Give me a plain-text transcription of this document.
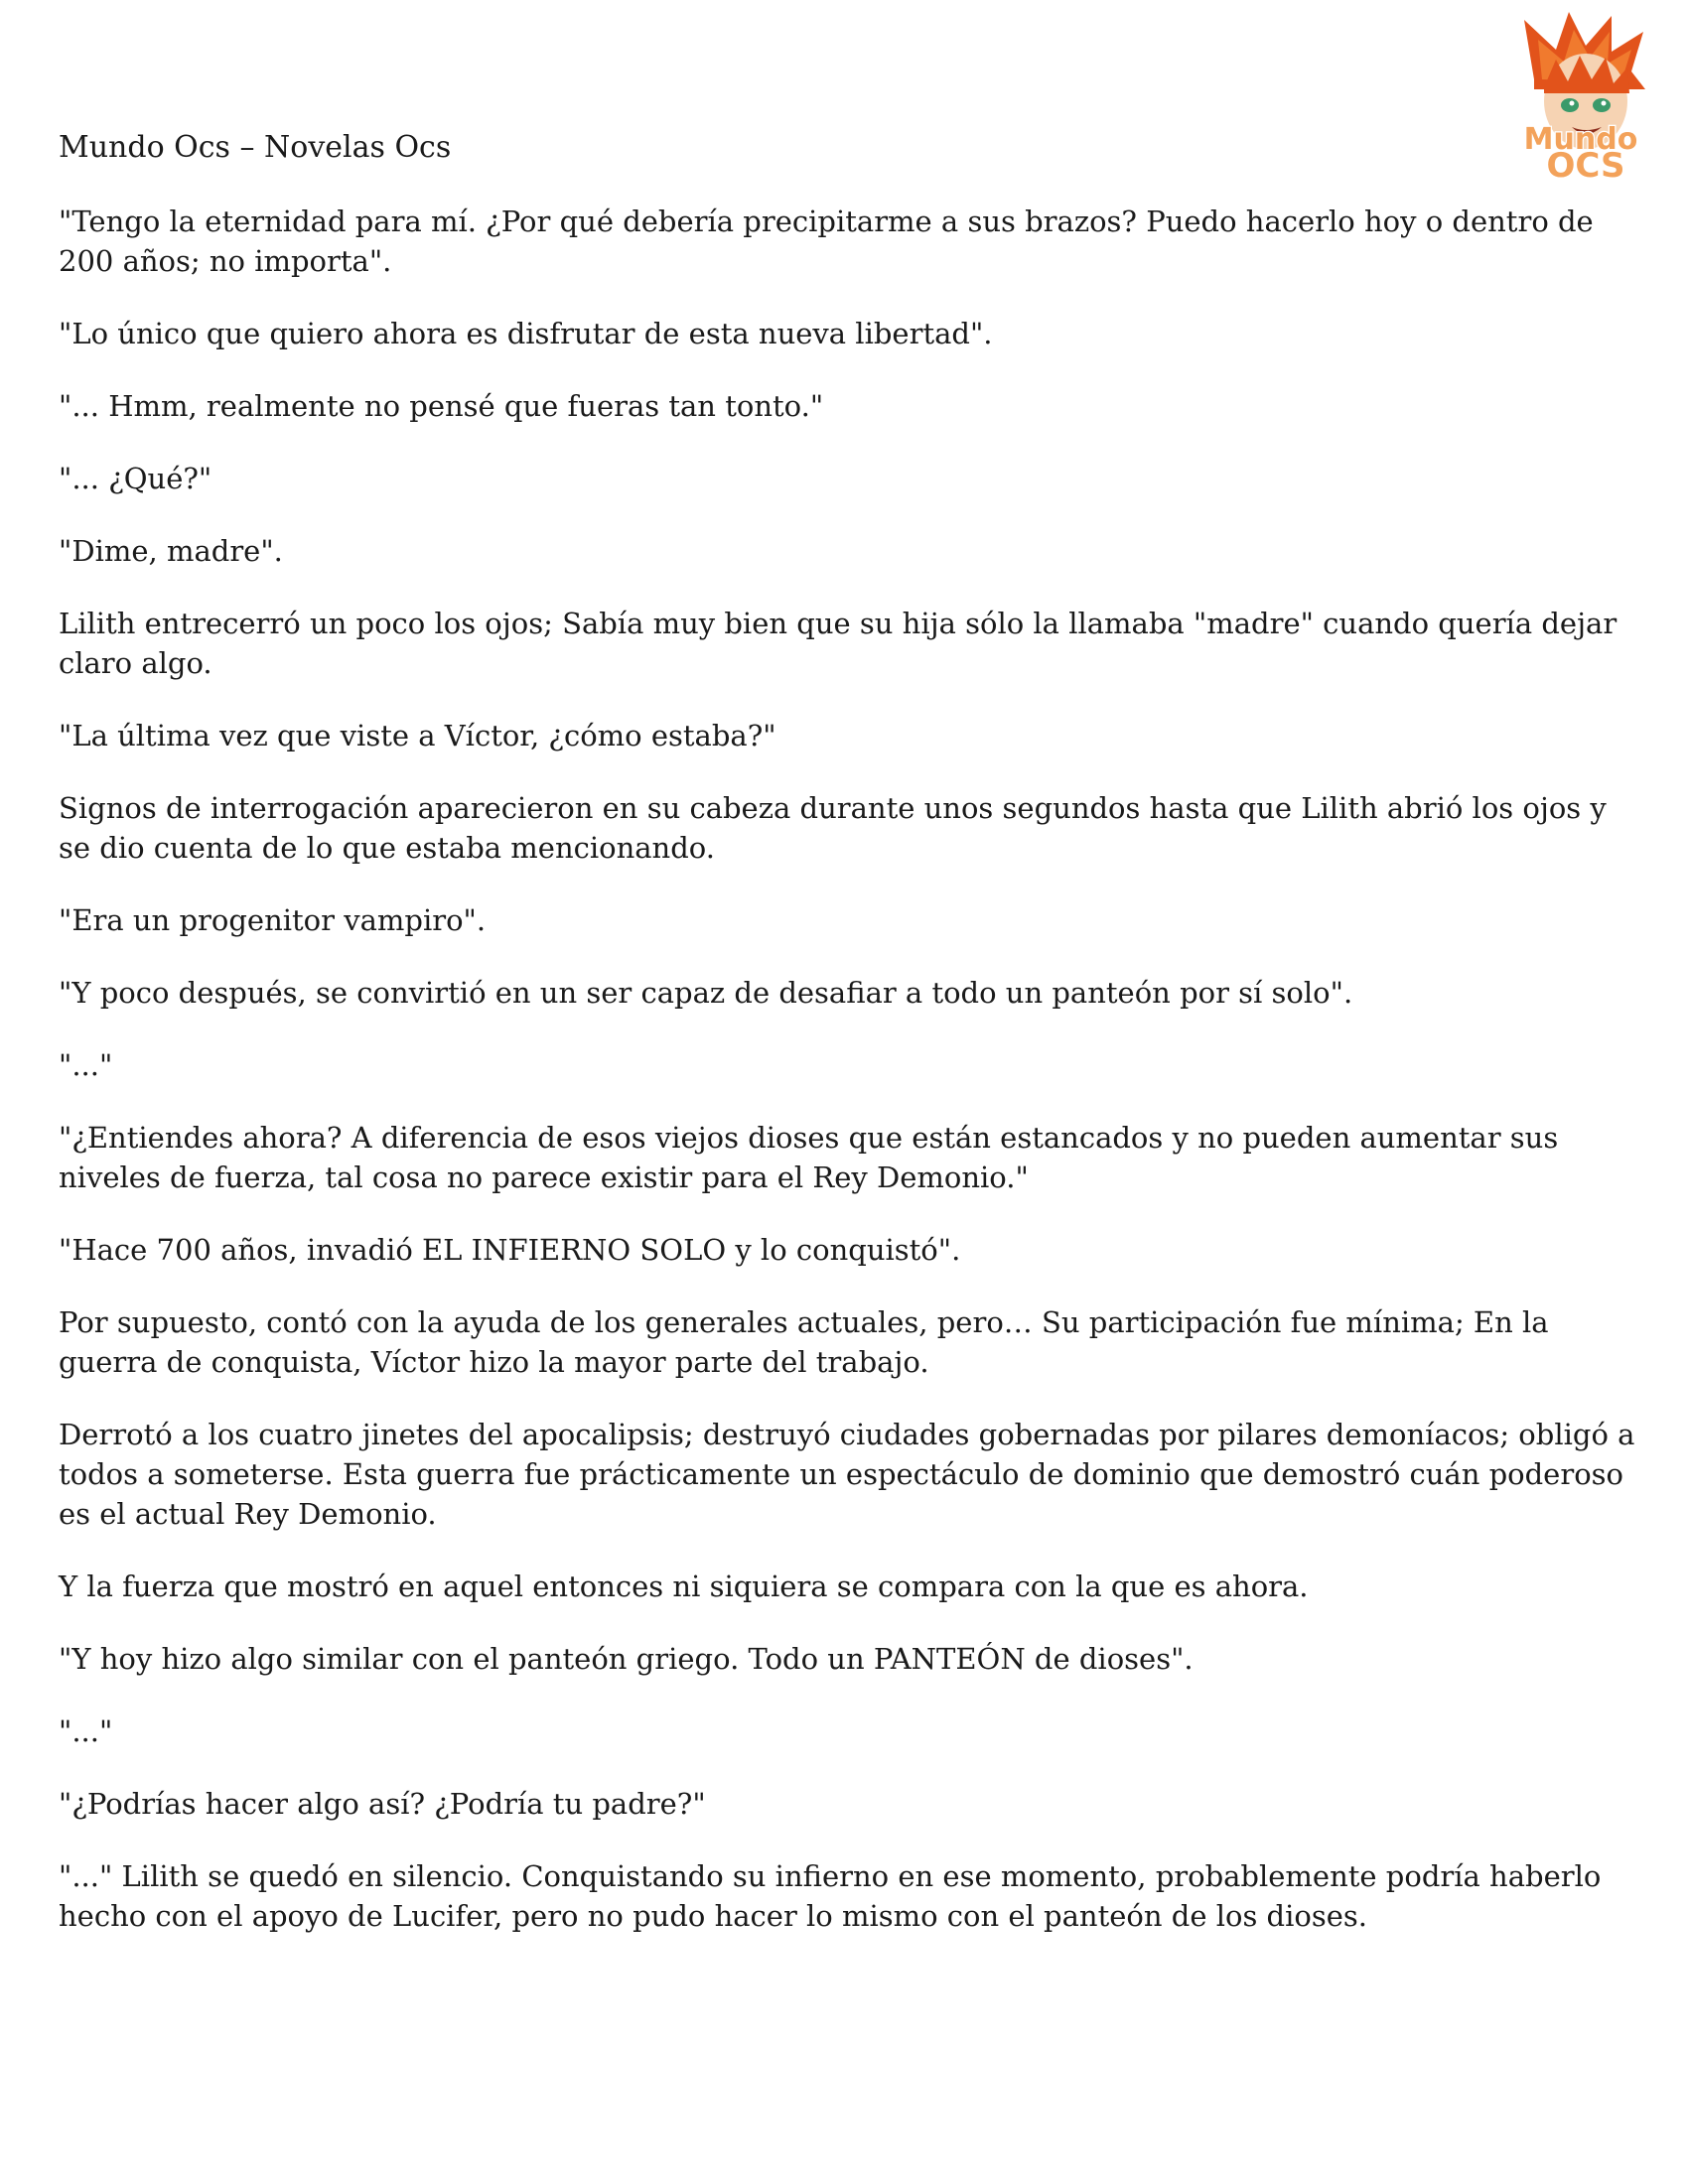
Mundo
OCS
Mundo Ocs – Novelas Ocs

"Tengo la eternidad para mí. ¿Por qué debería precipitarme a sus brazos? Puedo hacerlo hoy o dentro de 200 años; no importa".

"Lo único que quiero ahora es disfrutar de esta nueva libertad".

"... Hmm, realmente no pensé que fueras tan tonto."

"... ¿Qué?"

"Dime, madre".

Lilith entrecerró un poco los ojos; Sabía muy bien que su hija sólo la llamaba "madre" cuando quería dejar claro algo.

"La última vez que viste a Víctor, ¿cómo estaba?"

Signos de interrogación aparecieron en su cabeza durante unos segundos hasta que Lilith abrió los ojos y se dio cuenta de lo que estaba mencionando.

"Era un progenitor vampiro".

"Y poco después, se convirtió en un ser capaz de desafiar a todo un panteón por sí solo".

"..."

"¿Entiendes ahora? A diferencia de esos viejos dioses que están estancados y no pueden aumentar sus niveles de fuerza, tal cosa no parece existir para el Rey Demonio."

"Hace 700 años, invadió EL INFIERNO SOLO y lo conquistó".

Por supuesto, contó con la ayuda de los generales actuales, pero… Su participación fue mínima; En la guerra de conquista, Víctor hizo la mayor parte del trabajo.

Derrotó a los cuatro jinetes del apocalipsis; destruyó ciudades gobernadas por pilares demoníacos; obligó a todos a someterse. Esta guerra fue prácticamente un espectáculo de dominio que demostró cuán poderoso es el actual Rey Demonio.

Y la fuerza que mostró en aquel entonces ni siquiera se compara con la que es ahora.

"Y hoy hizo algo similar con el panteón griego. Todo un PANTEÓN de dioses".

"..."

"¿Podrías hacer algo así? ¿Podría tu padre?"

"..." Lilith se quedó en silencio. Conquistando su infierno en ese momento, probablemente podría haberlo hecho con el apoyo de Lucifer, pero no pudo hacer lo mismo con el panteón de los dioses.
